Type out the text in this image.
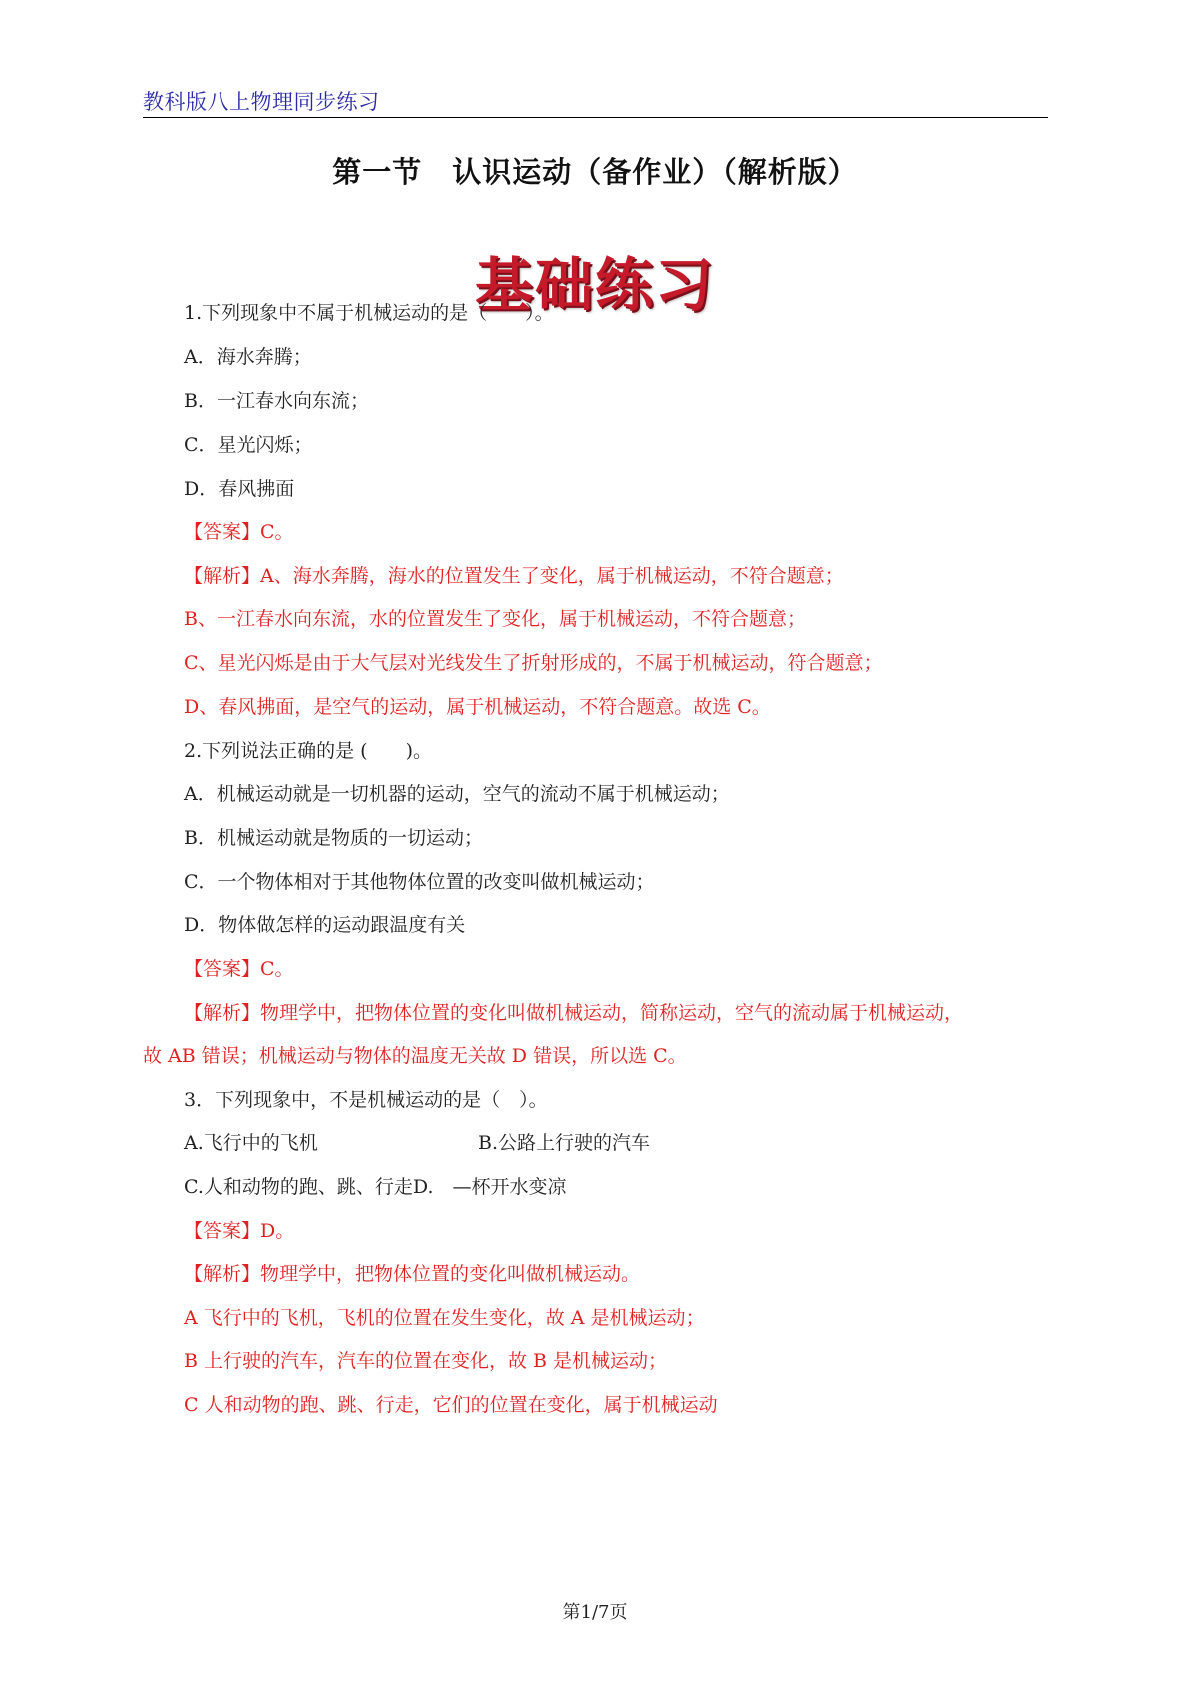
教科版八上物理同步练习
第一节　认识运动（备作业）（解析版）
基础练习
1.下列现象中不属于机械运动的是（　　）。
A．海水奔腾；
B．一江春水向东流；
C．星光闪烁；
D．春风拂面
【答案】C。
【解析】A、海水奔腾，海水的位置发生了变化，属于机械运动，不符合题意；
B、一江春水向东流，水的位置发生了变化，属于机械运动，不符合题意；
C、星光闪烁是由于大气层对光线发生了折射形成的，不属于机械运动，符合题意；
D、春风拂面，是空气的运动，属于机械运动，不符合题意。故选 C。
2.下列说法正确的是 (　　)。
A．机械运动就是一切机器的运动，空气的流动不属于机械运动；
B．机械运动就是物质的一切运动；
C．一个物体相对于其他物体位置的改变叫做机械运动；
D．物体做怎样的运动跟温度有关
【答案】C。
【解析】物理学中，把物体位置的变化叫做机械运动，简称运动，空气的流动属于机械运动，
故 AB 错误；机械运动与物体的温度无关故 D 错误，所以选 C。
3．下列现象中，不是机械运动的是（　）。
A.飞行中的飞机	B.公路上行驶的汽车
C.人和动物的跑、跳、行走D.　—杯开水变凉
【答案】D。
【解析】物理学中，把物体位置的变化叫做机械运动。
A 飞行中的飞机，飞机的位置在发生变化，故 A 是机械运动；
B 上行驶的汽车，汽车的位置在变化，故 B 是机械运动；
C 人和动物的跑、跳、行走，它们的位置在变化，属于机械运动
第1/7页
